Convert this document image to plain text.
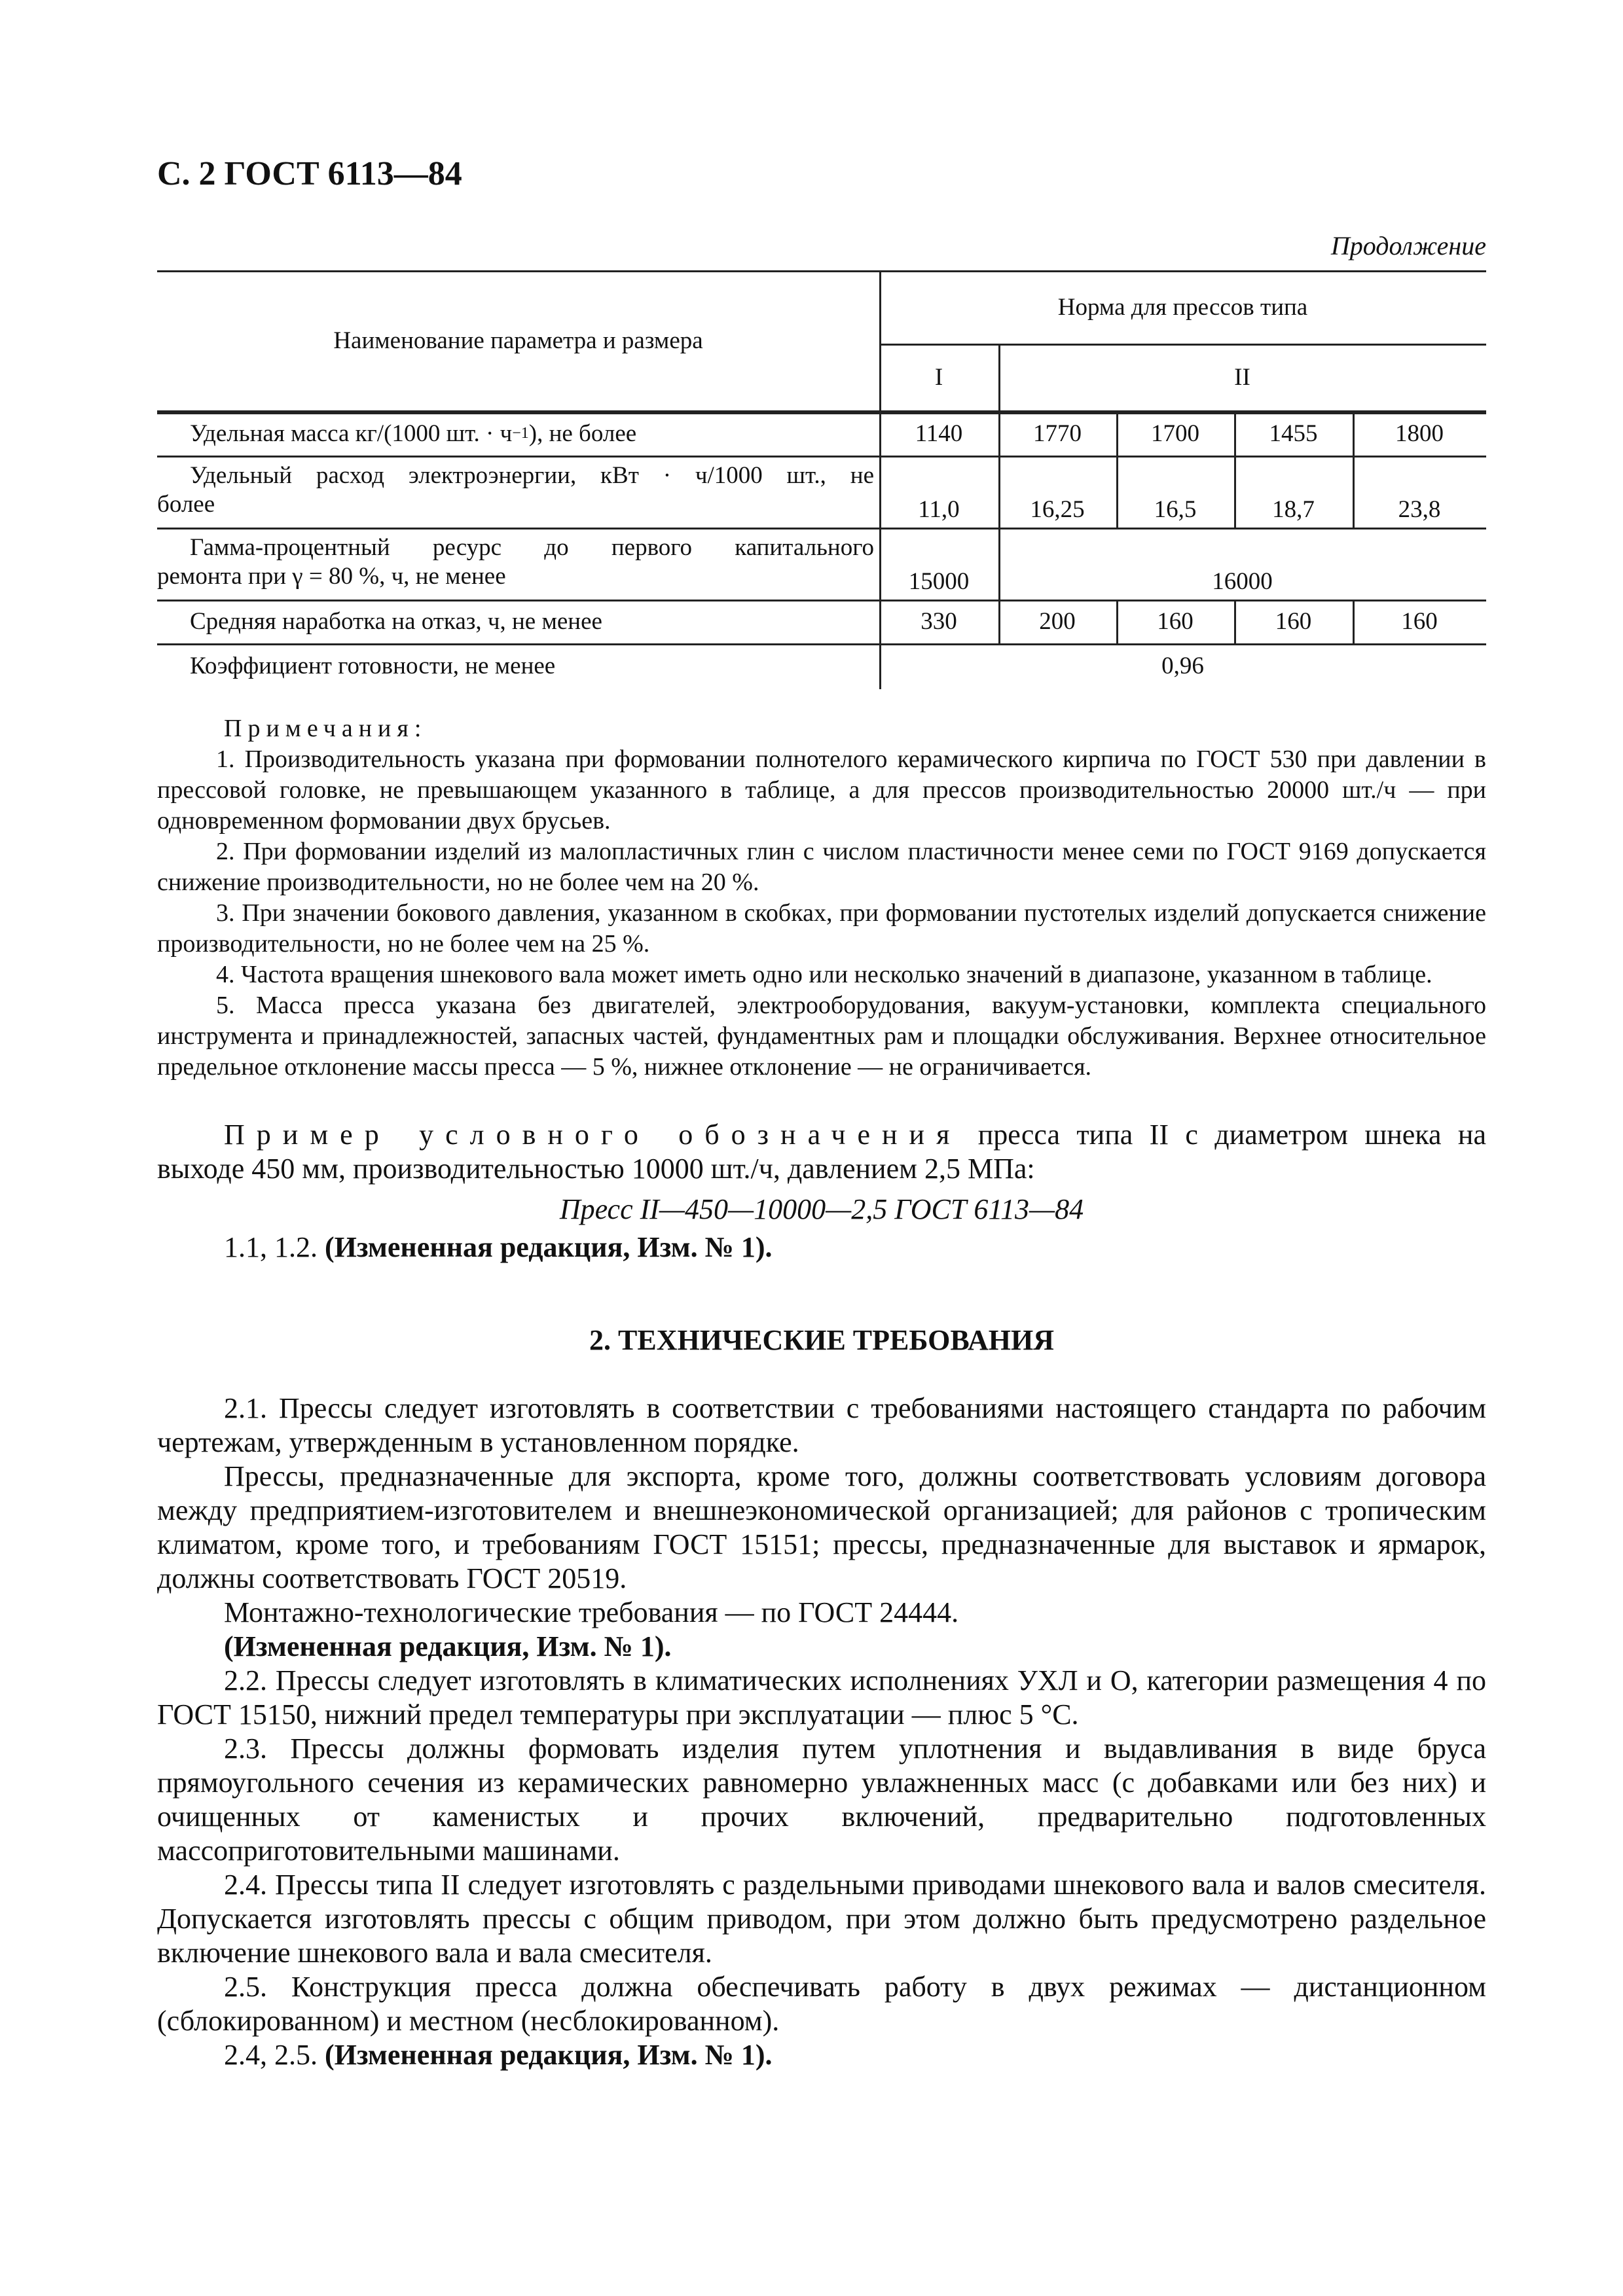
С. 2 ГОСТ 6113—84
Продолжение
Наименование параметра и размера
Норма для прессов типа
I	II
Удельная масса кг/(1000 шт. · ч −1 ), не более	1140	1770	1700	1455	1800
Удельный расход электроэнергии, кВт · ч/1000 шт., не
более	11,0	16,25	16,5	18,7	23,8
Гамма-процентный ресурс до первого капитального
ремонта при γ = 80 %, ч, не менее	15000	16000
Средняя наработка на отказ, ч, не менее	330	200	160	160	160
Коэффициент готовности, не менее	0,96

Примечания:

1. Производительность указана при формовании полнотелого керамического кирпича по ГОСТ 530 при давлении в прессовой головке, не превышающем указанного в таблице, а для прессов производительностью 20000 шт./ч — при одновременном формовании двух брусьев.

2. При формовании изделий из малопластичных глин с числом пластичности менее семи по ГОСТ 9169 допускается снижение производительности, но не более чем на 20 %.

3. При значении бокового давления, указанном в скобках, при формовании пустотелых изделий допускается снижение производительности, но не более чем на 25 %.

4. Частота вращения шнекового вала может иметь одно или несколько значений в диапазоне, указанном в таблице.

5. Масса пресса указана без двигателей, электрооборудования, вакуум-установки, комплекта специального инструмента и принадлежностей, запасных частей, фундаментных рам и площадки обслуживания. Верхнее относительное предельное отклонение массы пресса — 5 %, нижнее отклонение — не ограничивается.

Пример условного обозначения пресса типа II с диаметром шнека на выходе 450 мм, производительностью 10000 шт./ч, давлением 2,5 МПа:

Пресс II—450—10000—2,5 ГОСТ 6113—84

1.1, 1.2. (Измененная редакция, Изм. № 1).

2. ТЕХНИЧЕСКИЕ ТРЕБОВАНИЯ

2.1. Прессы следует изготовлять в соответствии с требованиями настоящего стандарта по рабочим чертежам, утвержденным в установленном порядке.

Прессы, предназначенные для экспорта, кроме того, должны соответствовать условиям договора между предприятием-изготовителем и внешнеэкономической организацией; для районов с тропическим климатом, кроме того, и требованиям ГОСТ 15151; прессы, предназначенные для выставок и ярмарок, должны соответствовать ГОСТ 20519.

Монтажно-технологические требования — по ГОСТ 24444.

(Измененная редакция, Изм. № 1).

2.2. Прессы следует изготовлять в климатических исполнениях УХЛ и О, категории размещения 4 по ГОСТ 15150, нижний предел температуры при эксплуатации — плюс 5 °С.

2.3. Прессы должны формовать изделия путем уплотнения и выдавливания в виде бруса прямоугольного сечения из керамических равномерно увлажненных масс (с добавками или без них) и очищенных от каменистых и прочих включений, предварительно подготовленных массоприготовительными машинами.

2.4. Прессы типа II следует изготовлять с раздельными приводами шнекового вала и валов смесителя. Допускается изготовлять прессы с общим приводом, при этом должно быть предусмотрено раздельное включение шнекового вала и вала смесителя.

2.5. Конструкция пресса должна обеспечивать работу в двух режимах — дистанционном (сблокированном) и местном (несблокированном).

2.4, 2.5. (Измененная редакция, Изм. № 1).
